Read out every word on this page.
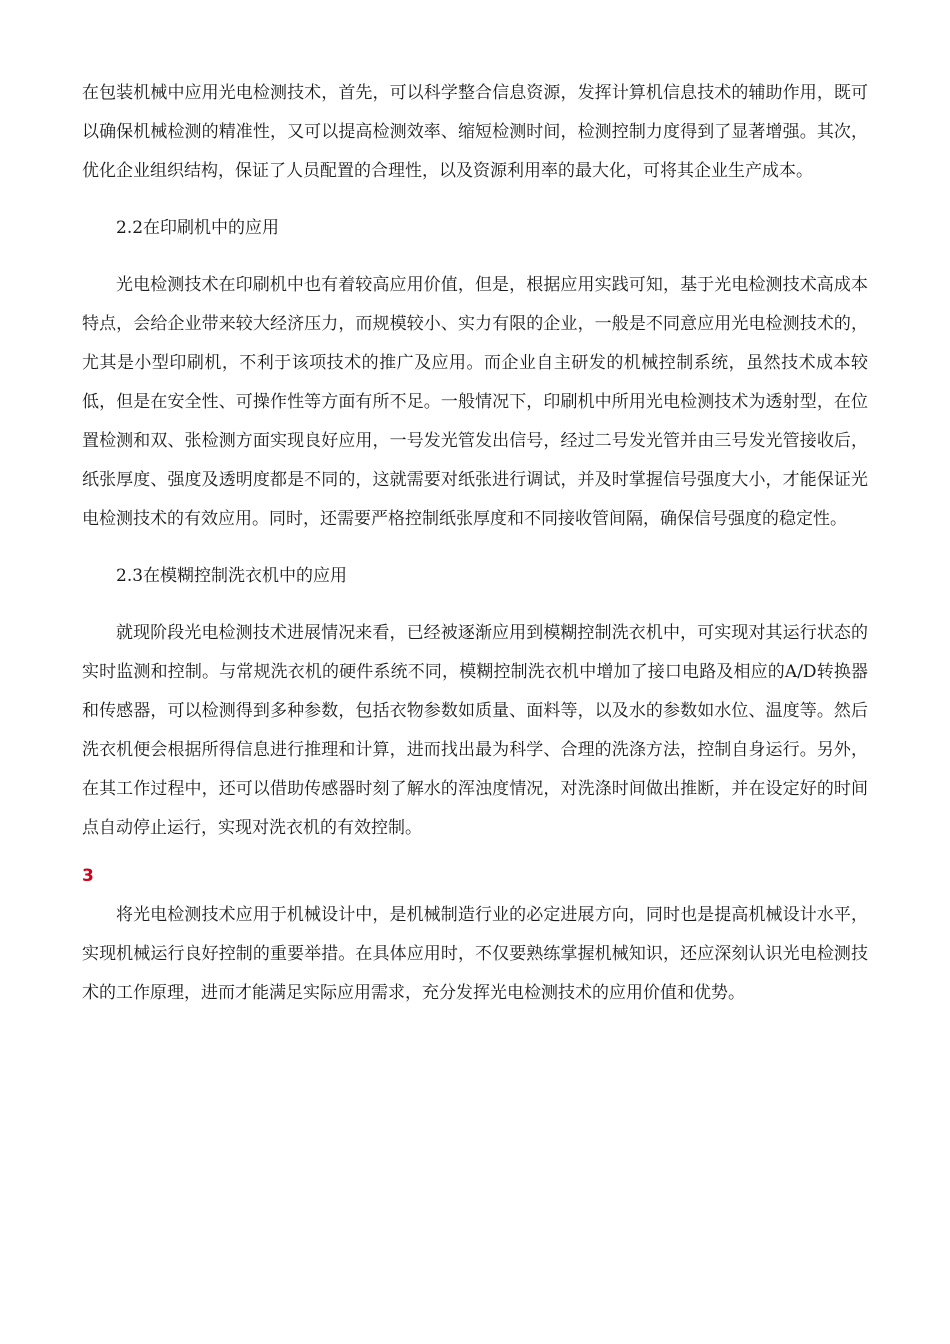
在包装机械中应用光电检测技术，首先，可以科学整合信息资源，发挥计算机信息技术的辅助作用，既可以确保机械检测的精准性，又可以提高检测效率、缩短检测时间，检测控制力度得到了显著增强。其次，优化企业组织结构，保证了人员配置的合理性，以及资源利用率的最大化，可将其企业生产成本。

2.2在印刷机中的应用

光电检测技术在印刷机中也有着较高应用价值，但是，根据应用实践可知，基于光电检测技术高成本特点，会给企业带来较大经济压力，而规模较小、实力有限的企业，一般是不同意应用光电检测技术的，尤其是小型印刷机，不利于该项技术的推广及应用。而企业自主研发的机械控制系统，虽然技术成本较低，但是在安全性、可操作性等方面有所不足。一般情况下，印刷机中所用光电检测技术为透射型，在位置检测和双、张检测方面实现良好应用，一号发光管发出信号，经过二号发光管并由三号发光管接收后，纸张厚度、强度及透明度都是不同的，这就需要对纸张进行调试，并及时掌握信号强度大小，才能保证光电检测技术的有效应用。同时，还需要严格控制纸张厚度和不同接收管间隔，确保信号强度的稳定性。

2.3在模糊控制洗衣机中的应用

就现阶段光电检测技术进展情况来看，已经被逐渐应用到模糊控制洗衣机中，可实现对其运行状态的实时监测和控制。与常规洗衣机的硬件系统不同，模糊控制洗衣机中增加了接口电路及相应的A/D转换器和传感器，可以检测得到多种参数，包括衣物参数如质量、面料等，以及水的参数如水位、温度等。然后洗衣机便会根据所得信息进行推理和计算，进而找出最为科学、合理的洗涤方法，控制自身运行。另外，在其工作过程中，还可以借助传感器时刻了解水的浑浊度情况，对洗涤时间做出推断，并在设定好的时间点自动停止运行，实现对洗衣机的有效控制。

3

将光电检测技术应用于机械设计中，是机械制造行业的必定进展方向，同时也是提高机械设计水平，实现机械运行良好控制的重要举措。在具体应用时，不仅要熟练掌握机械知识，还应深刻认识光电检测技术的工作原理，进而才能满足实际应用需求，充分发挥光电检测技术的应用价值和优势。
